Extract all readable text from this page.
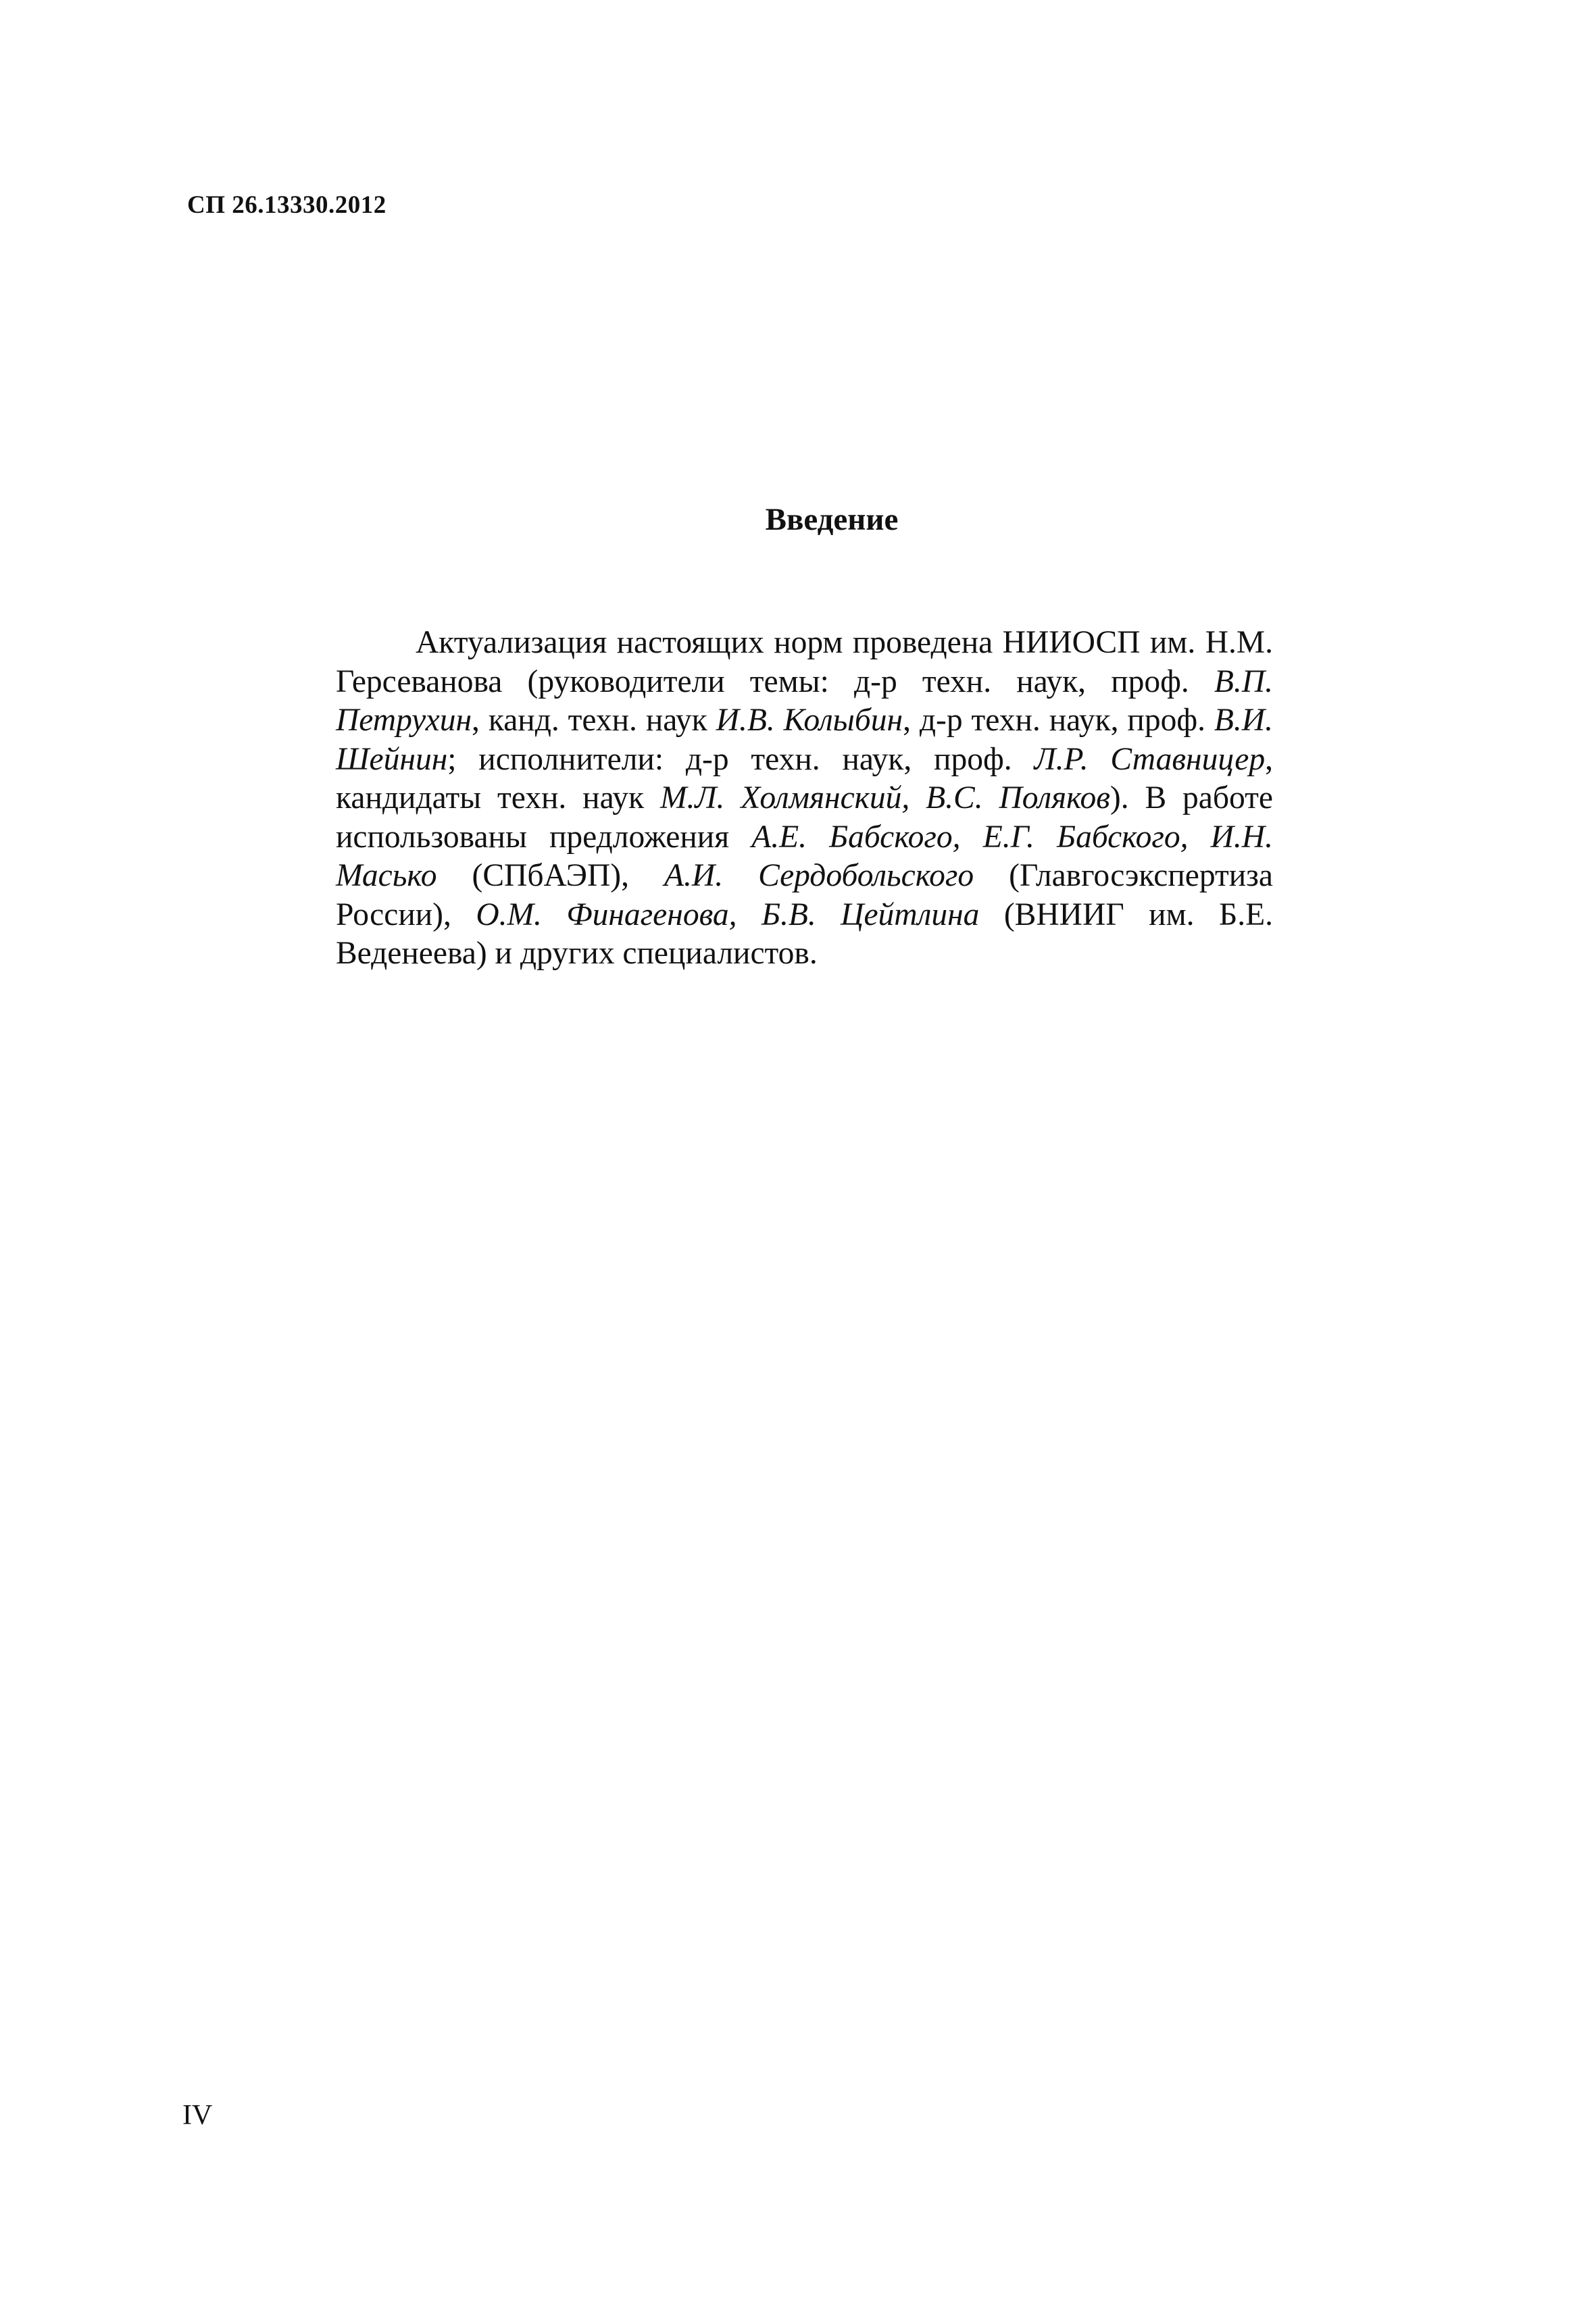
СП 26.13330.2012
Введение

Актуализация настоящих норм проведена НИИОСП им. Н.М. Герсеванова (руководители темы: д-р техн. наук, проф. В.П. Петрухин, канд. техн. наук И.В. Колыбин, д-р техн. наук, проф. В.И. Шейнин; исполнители: д-р техн. наук, проф. Л.Р. Ставницер, кандидаты техн. наук М.Л. Холмянский, В.С. Поляков). В работе использованы предложения А.Е. Бабского, Е.Г. Бабского, И.Н. Масько (СПбАЭП), А.И. Сердобольского (Главгосэкспертиза России), О.М. Финагенова, Б.В. Цейтлина (ВНИИГ им. Б.Е. Веденеева) и других специалистов.

IV
